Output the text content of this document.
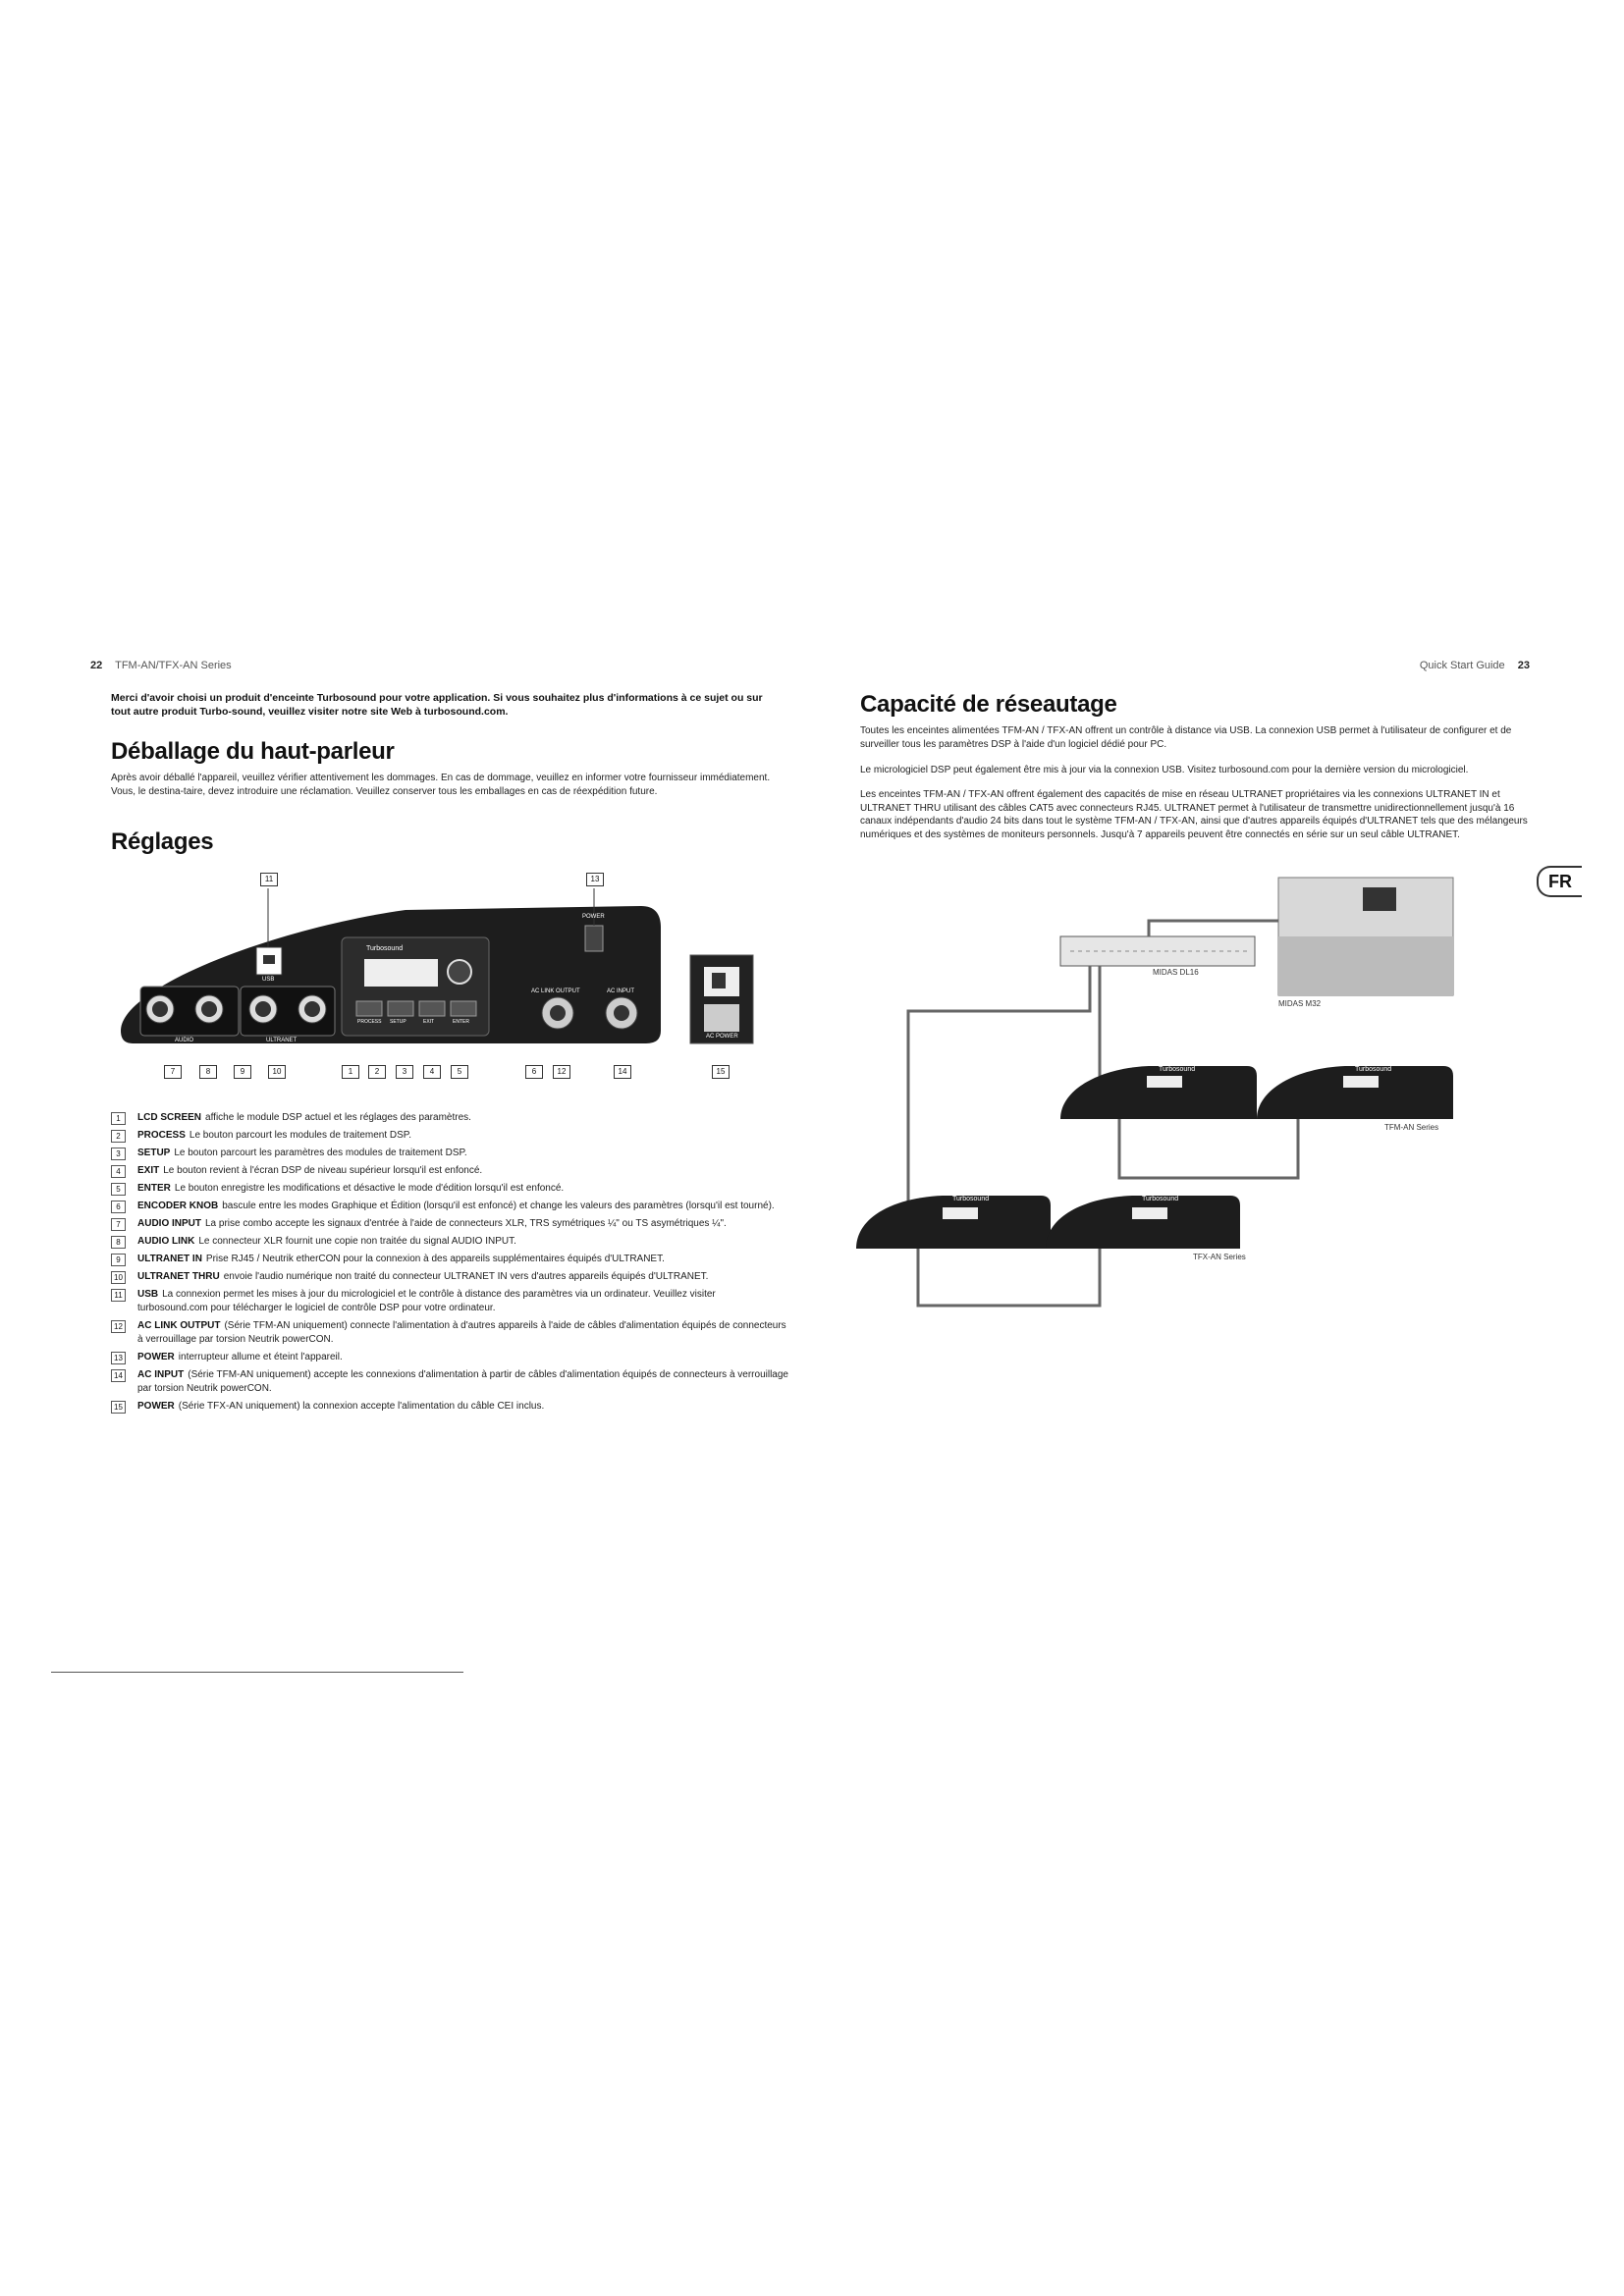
22 TFM-AN/TFX-AN Series
Merci d'avoir choisi un produit d'enceinte Turbosound pour votre application. Si vous souhaitez plus d'informations à ce sujet ou sur tout autre produit Turbo-sound, veuillez visiter notre site Web à turbosound.com.
Déballage du haut-parleur
Après avoir déballé l'appareil, veuillez vérifier attentivement les dommages. En cas de dommage, veuillez en informer votre fournisseur immédiatement. Vous, le destina-taire, devez introduire une réclamation. Veuillez conserver tous les emballages en cas de réexpédition future.
Réglages
Turbosound
AUDIO	ULTRANET
USB
POWER
AC LINK OUTPUT	AC INPUT
AC POWER
PROCESS SETUP	EXIT	ENTER
11	13
7	8	9	10	1	2	3	4	5	6	12	14	15
1	LCD SCREEN affiche le module DSP actuel et les réglages des paramètres.
2	PROCESS Le bouton parcourt les modules de traitement DSP.
3	SETUP Le bouton parcourt les paramètres des modules de traitement DSP.
4	EXIT Le bouton revient à l'écran DSP de niveau supérieur lorsqu'il est enfoncé.
5	ENTER Le bouton enregistre les modifications et désactive le mode d'édition lorsqu'il est enfoncé.
6	ENCODER KNOB bascule entre les modes Graphique et Édition (lorsqu'il est enfoncé) et change les valeurs des paramètres (lorsqu'il est tourné).
7	AUDIO INPUT La prise combo accepte les signaux d'entrée à l'aide de connecteurs XLR, TRS symétriques ¼" ou TS asymétriques ¼".
8	AUDIO LINK Le connecteur XLR fournit une copie non traitée du signal AUDIO INPUT.
9	ULTRANET IN Prise RJ45 / Neutrik etherCON pour la connexion à des appareils supplémentaires équipés d'ULTRANET.
10	ULTRANET THRU envoie l'audio numérique non traité du connecteur ULTRANET IN vers d'autres appareils équipés d'ULTRANET.
11	USB La connexion permet les mises à jour du micrologiciel et le contrôle à distance des paramètres via un ordinateur. Veuillez visiter turbosound.com pour télécharger le logiciel de contrôle DSP pour votre ordinateur.
12	AC LINK OUTPUT (Série TFM-AN uniquement) connecte l'alimentation à d'autres appareils à l'aide de câbles d'alimentation équipés de connecteurs à verrouillage par torsion Neutrik powerCON.
13	POWER interrupteur allume et éteint l'appareil.
14	AC INPUT (Série TFM-AN uniquement) accepte les connexions d'alimentation à partir de câbles d'alimentation équipés de connecteurs à verrouillage par torsion Neutrik powerCON.
15	POWER (Série TFX-AN uniquement) la connexion accepte l'alimentation du câble CEI inclus.
Quick Start Guide 23
Capacité de réseautage
Toutes les enceintes alimentées TFM-AN / TFX-AN offrent un contrôle à distance via USB. La connexion USB permet à l'utilisateur de configurer et de surveiller tous les paramètres DSP à l'aide d'un logiciel dédié pour PC.
Le micrologiciel DSP peut également être mis à jour via la connexion USB. Visitez turbosound.com pour la dernière version du micrologiciel.
Les enceintes TFM-AN / TFX-AN offrent également des capacités de mise en réseau ULTRANET propriétaires via les connexions ULTRANET IN et ULTRANET THRU utilisant des câbles CAT5 avec connecteurs RJ45. ULTRANET permet à l'utilisateur de transmettre unidirectionnellement jusqu'à 16 canaux indépendants d'audio 24 bits dans tout le système TFM-AN / TFX-AN, ainsi que d'autres appareils équipés d'ULTRANET tels que des mélangeurs numériques et des systèmes de moniteurs personnels. Jusqu'à 7 appareils peuvent être connectés en série sur un seul câble ULTRANET.
FR
MIDAS DL16
MIDAS M32
TFM-AN Series
TFX-AN Series
Turbosound	Turbosound
Turbosound	Turbosound
